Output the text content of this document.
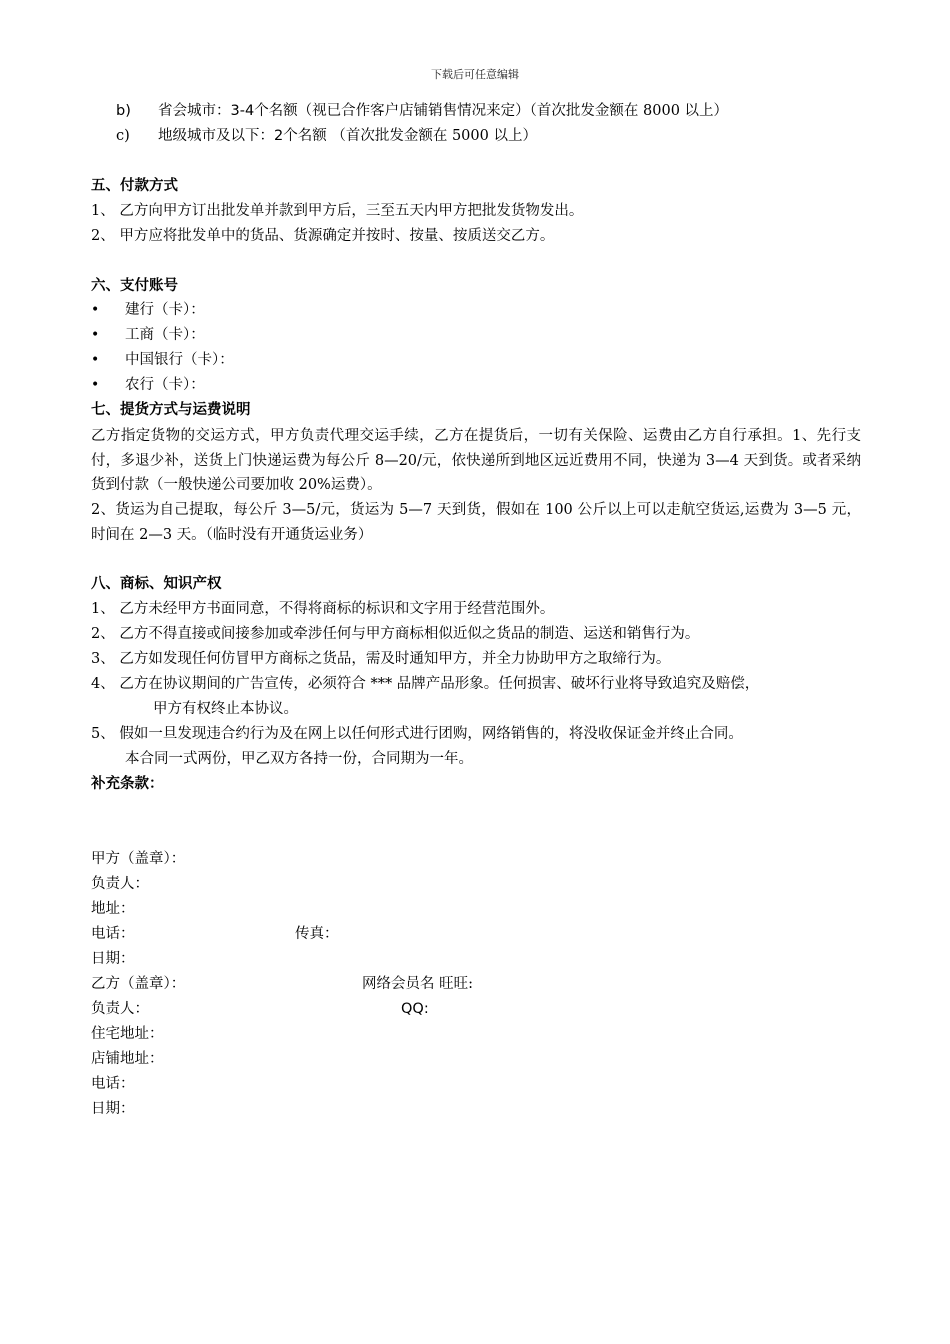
下载后可任意编辑
b) 省会城市：3-4个名额（视已合作客户店铺销售情况来定）（首次批发金额在 8000 以上）
c) 地级城市及以下：2个名额 （首次批发金额在 5000 以上）
五、付款方式
1、 乙方向甲方订出批发单并款到甲方后，三至五天内甲方把批发货物发出。
2、 甲方应将批发单中的货品、货源确定并按时、按量、按质送交乙方。
六、支付账号
• 建行（卡）：
• 工商（卡）：
• 中国银行（卡）：
• 农行（卡）：
七、提货方式与运费说明
乙方指定货物的交运方式，甲方负责代理交运手续，乙方在提货后，一切有关保险、运费由乙方自行承担。1、先行支付，多退少补，送货上门快递运费为每公斤 8—20/元，依快递所到地区远近费用不同，快递为 3—4 天到货。或者采纳货到付款（一般快递公司要加收 20%运费）。
2、货运为自己提取，每公斤 3—5/元，货运为 5—7 天到货，假如在 100 公斤以上可以走航空货运,运费为 3—5 元，时间在 2—3 天。（临时没有开通货运业务）
八、商标、知识产权
1、 乙方未经甲方书面同意，不得将商标的标识和文字用于经营范围外。
2、 乙方不得直接或间接参加或牵涉任何与甲方商标相似近似之货品的制造、运送和销售行为。
3、 乙方如发现任何仿冒甲方商标之货品，需及时通知甲方，并全力协助甲方之取缔行为。
4、 乙方在协议期间的广告宣传，必须符合 *** 品牌产品形象。任何损害、破坏行业将导致追究及赔偿，
甲方有权终止本协议。
5、 假如一旦发现违合约行为及在网上以任何形式进行团购，网络销售的，将没收保证金并终止合同。
本合同一式两份，甲乙双方各持一份，合同期为一年。
补充条款：
甲方（盖章）：
负责人：
地址：
电话：	传真：
日期：
乙方（盖章）：	网络会员名 旺旺:
负责人：	QQ:
住宅地址：
店铺地址：
电话：
日期：
